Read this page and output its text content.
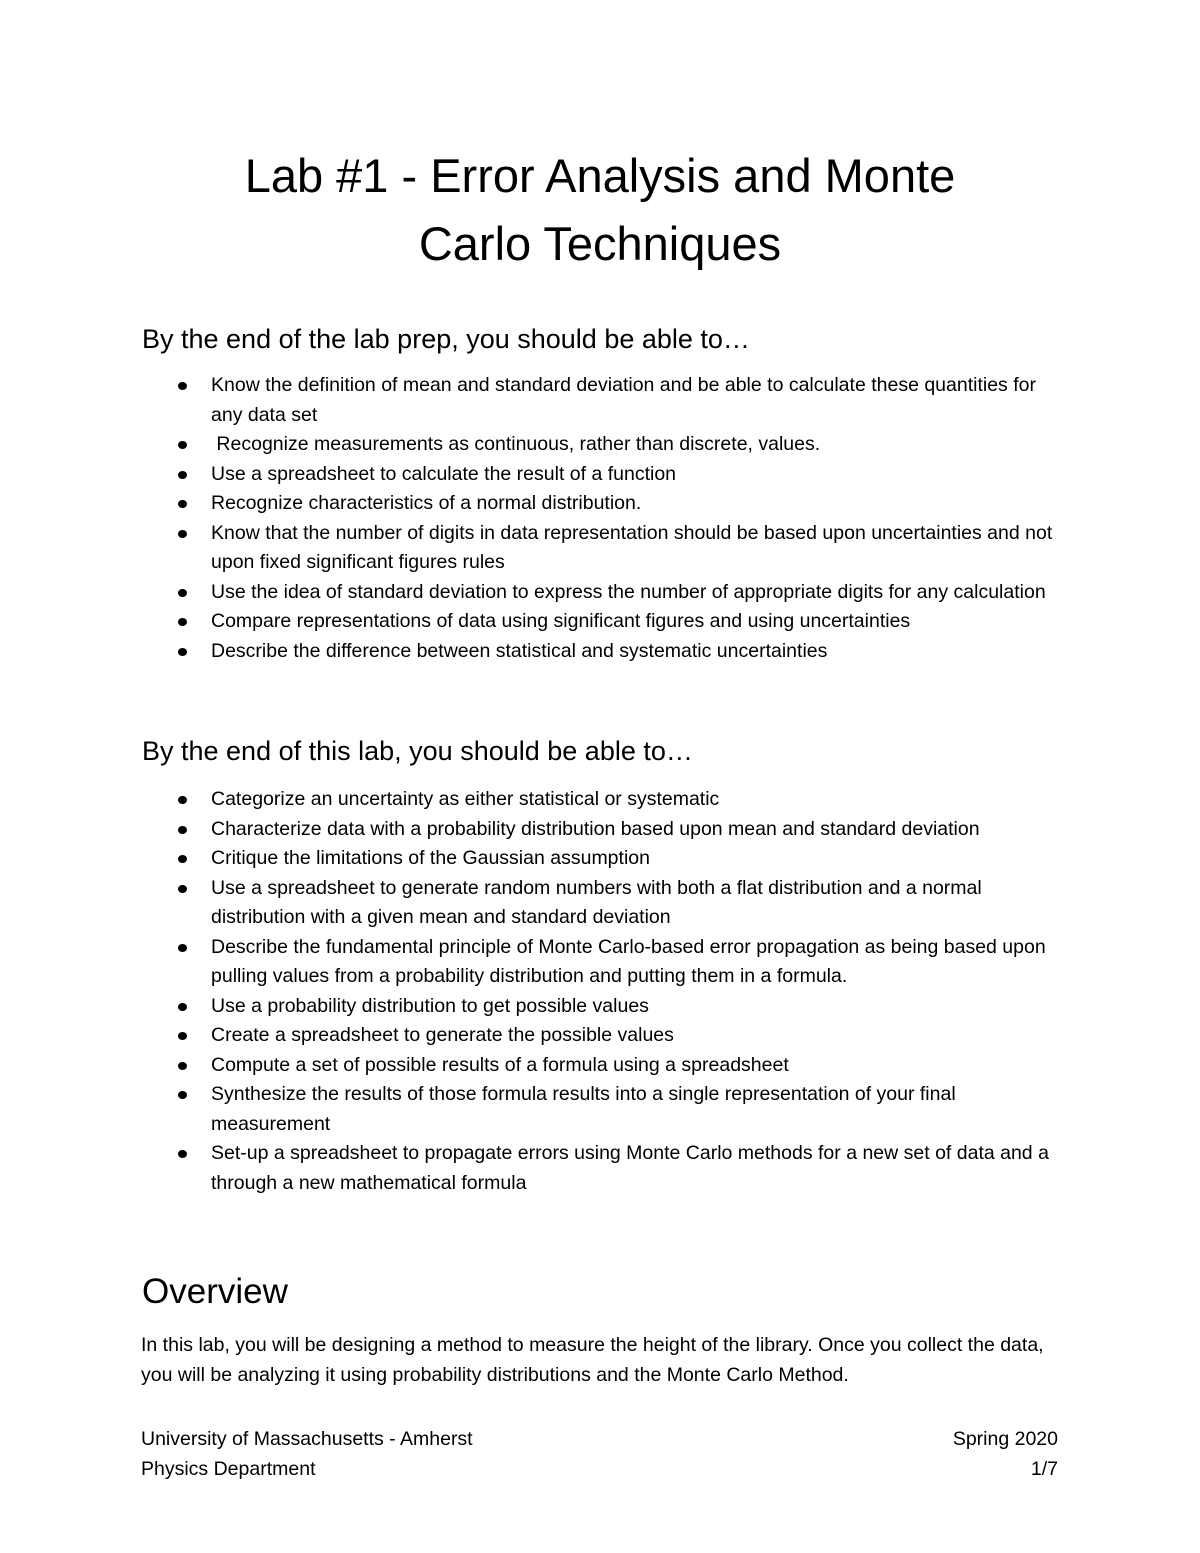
Lab #1 - Error Analysis and Monte
Carlo Techniques
By the end of the lab prep, you should be able to…
Know the definition of mean and standard deviation and be able to calculate these quantities for any data set
Recognize measurements as continuous, rather than discrete, values.
Use a spreadsheet to calculate the result of a function
Recognize characteristics of a normal distribution.
Know that the number of digits in data representation should be based upon uncertainties and not upon fixed significant figures rules
Use the idea of standard deviation to express the number of appropriate digits for any calculation
Compare representations of data using significant figures and using uncertainties
Describe the difference between statistical and systematic uncertainties
By the end of this lab, you should be able to…
Categorize an uncertainty as either statistical or systematic
Characterize data with a probability distribution based upon mean and standard deviation
Critique the limitations of the Gaussian assumption
Use a spreadsheet to generate random numbers with both a flat distribution and a normal distribution with a given mean and standard deviation
Describe the fundamental principle of Monte Carlo-based error propagation as being based upon pulling values from a probability distribution and putting them in a formula.
Use a probability distribution to get possible values
Create a spreadsheet to generate the possible values
Compute a set of possible results of a formula using a spreadsheet
Synthesize the results of those formula results into a single representation of your final measurement
Set-up a spreadsheet to propagate errors using Monte Carlo methods for a new set of data and a through a new mathematical formula
Overview

In this lab, you will be designing a method to measure the height of the library. Once you collect the data, you will be analyzing it using probability distributions and the Monte Carlo Method.

University of Massachusetts - Amherst
Physics Department
Spring 2020
1/7
